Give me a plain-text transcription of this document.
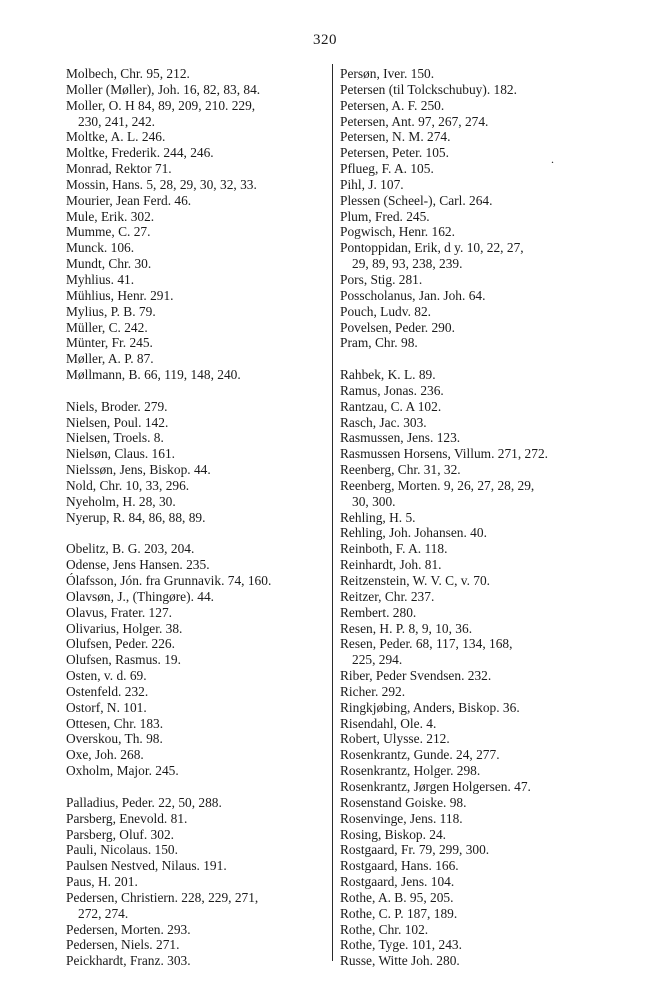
320
Molbech, Chr. 95, 212.
Moller (Møller), Joh. 16, 82, 83, 84.
Moller, O. H 84, 89, 209, 210. 229,
230, 241, 242.
Moltke, A. L. 246.
Moltke, Frederik. 244, 246.
Monrad, Rektor 71.
Mossin, Hans. 5, 28, 29, 30, 32, 33.
Mourier, Jean Ferd. 46.
Mule, Erik. 302.
Mumme, C. 27.
Munck. 106.
Mundt, Chr. 30.
Myhlius. 41.
Mühlius, Henr. 291.
Mylius, P. B. 79.
Müller, C. 242.
Münter, Fr. 245.
Møller, A. P. 87.
Møllmann, B. 66, 119, 148, 240.
Niels, Broder. 279.
Nielsen, Poul. 142.
Nielsen, Troels. 8.
Nielsøn, Claus. 161.
Nielssøn, Jens, Biskop. 44.
Nold, Chr. 10, 33, 296.
Nyeholm, H. 28, 30.
Nyerup, R. 84, 86, 88, 89.
Obelitz, B. G. 203, 204.
Odense, Jens Hansen. 235.
Ólafsson, Jón. fra Grunnavik. 74, 160.
Olavsøn, J., (Thingøre). 44.
Olavus, Frater. 127.
Olivarius, Holger. 38.
Olufsen, Peder. 226.
Olufsen, Rasmus. 19.
Osten, v. d. 69.
Ostenfeld. 232.
Ostorf, N. 101.
Ottesen, Chr. 183.
Overskou, Th. 98.
Oxe, Joh. 268.
Oxholm, Major. 245.
Palladius, Peder. 22, 50, 288.
Parsberg, Enevold. 81.
Parsberg, Oluf. 302.
Pauli, Nicolaus. 150.
Paulsen Nestved, Nilaus. 191.
Paus, H. 201.
Pedersen, Christiern. 228, 229, 271,
272, 274.
Pedersen, Morten. 293.
Pedersen, Niels. 271.
Peickhardt, Franz. 303.
Persøn, Iver. 150.
Petersen (til Tolckschubuy). 182.
Petersen, A. F. 250.
Petersen, Ant. 97, 267, 274.
Petersen, N. M. 274.
Petersen, Peter. 105.
Pflueg, F. A. 105.
Pihl, J. 107.
Plessen (Scheel-), Carl. 264.
Plum, Fred. 245.
Pogwisch, Henr. 162.
Pontoppidan, Erik, d y. 10, 22, 27,
29, 89, 93, 238, 239.
Pors, Stig. 281.
Posscholanus, Jan. Joh. 64.
Pouch, Ludv. 82.
Povelsen, Peder. 290.
Pram, Chr. 98.
Rahbek, K. L. 89.
Ramus, Jonas. 236.
Rantzau, C. A 102.
Rasch, Jac. 303.
Rasmussen, Jens. 123.
Rasmussen Horsens, Villum. 271, 272.
Reenberg, Chr. 31, 32.
Reenberg, Morten. 9, 26, 27, 28, 29,
30, 300.
Rehling, H. 5.
Rehling, Joh. Johansen. 40.
Reinboth, F. A. 118.
Reinhardt, Joh. 81.
Reitzenstein, W. V. C, v. 70.
Reitzer, Chr. 237.
Rembert. 280.
Resen, H. P. 8, 9, 10, 36.
Resen, Peder. 68, 117, 134, 168,
225, 294.
Riber, Peder Svendsen. 232.
Richer. 292.
Ringkjøbing, Anders, Biskop. 36.
Risendahl, Ole. 4.
Robert, Ulysse. 212.
Rosenkrantz, Gunde. 24, 277.
Rosenkrantz, Holger. 298.
Rosenkrantz, Jørgen Holgersen. 47.
Rosenstand Goiske. 98.
Rosenvinge, Jens. 118.
Rosing, Biskop. 24.
Rostgaard, Fr. 79, 299, 300.
Rostgaard, Hans. 166.
Rostgaard, Jens. 104.
Rothe, A. B. 95, 205.
Rothe, C. P. 187, 189.
Rothe, Chr. 102.
Rothe, Tyge. 101, 243.
Russe, Witte Joh. 280.
.
